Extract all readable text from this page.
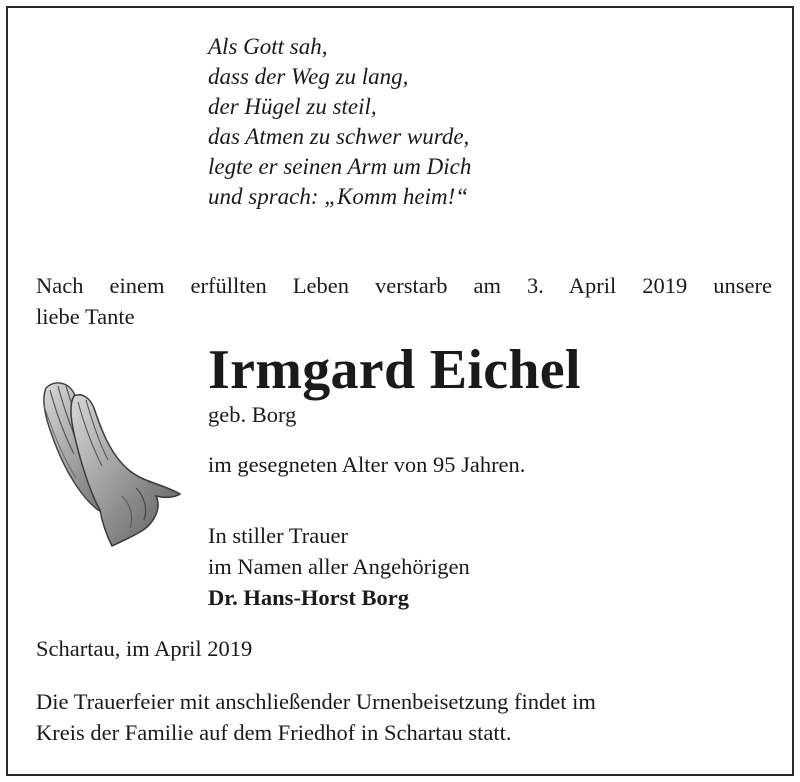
Als Gott sah,
dass der Weg zu lang,
der Hügel zu steil,
das Atmen zu schwer wurde,
legte er seinen Arm um Dich
und sprach: „Komm heim!“
Nach einem erfüllten Leben verstarb am 3. April 2019 unsere
liebe Tante
Irmgard Eichel
geb. Borg
im gesegneten Alter von 95 Jahren.
In stiller Trauer
im Namen aller Angehörigen
Dr. Hans-Horst Borg
Schartau, im April 2019
Die Trauerfeier mit anschließender Urnenbeisetzung findet im
Kreis der Familie auf dem Friedhof in Schartau statt.
